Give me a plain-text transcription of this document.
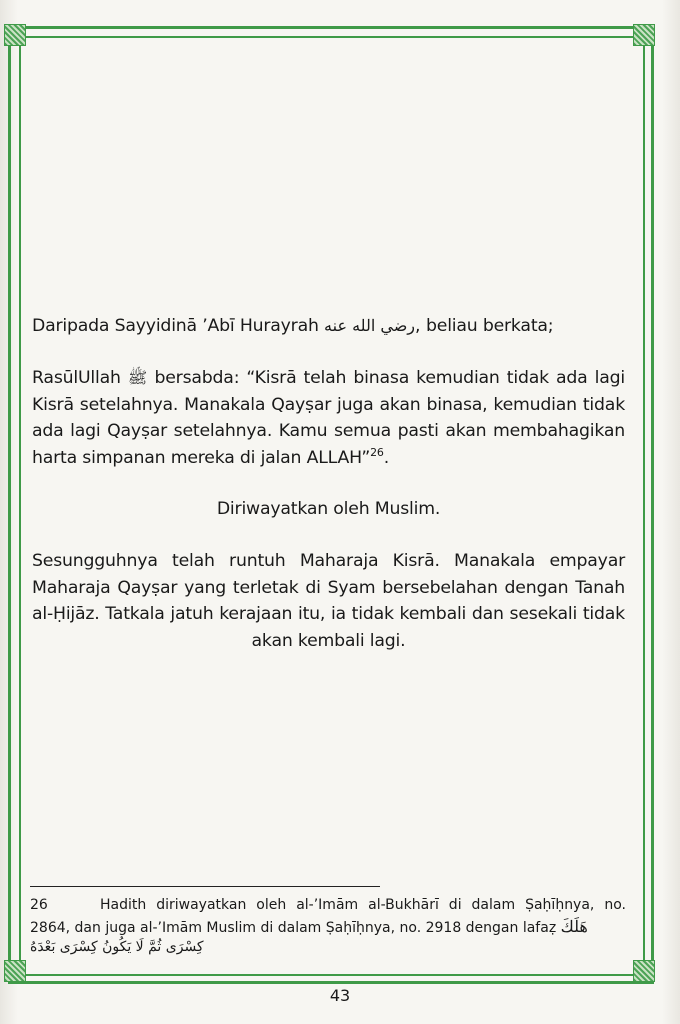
Daripada Sayyidinā ’Abī Hurayrah رضي الله عنه, beliau berkata;

RasūlUllah ﷺ bersabda: “Kisrā telah binasa kemudian tidak ada lagi Kisrā setelahnya. Manakala Qayṣar juga akan binasa, kemudian tidak ada lagi Qayṣar setelahnya. Kamu semua pasti akan membahagikan harta simpanan mereka di jalan ALLAH”$^{26}$.

Diriwayatkan oleh Muslim.

Sesungguhnya telah runtuh Maharaja Kisrā. Manakala empayar Maharaja Qayṣar yang terletak di Syam bersebelahan dengan Tanah al-Ḥijāz. Tatkala jatuh kerajaan itu, ia tidak kembali dan sesekali tidak akan kembali lagi.

26	Hadith diriwayatkan oleh al-’Imām al-Bukhārī di dalam Ṣaḥīḥnya, no. 2864, dan juga al-’Imām Muslim di dalam Ṣaḥīḥnya, no. 2918 dengan lafaẓ هَلَكَ
كِسْرَى ثُمَّ لَا يَكُونُ كِسْرَى بَعْدَهُ
43
